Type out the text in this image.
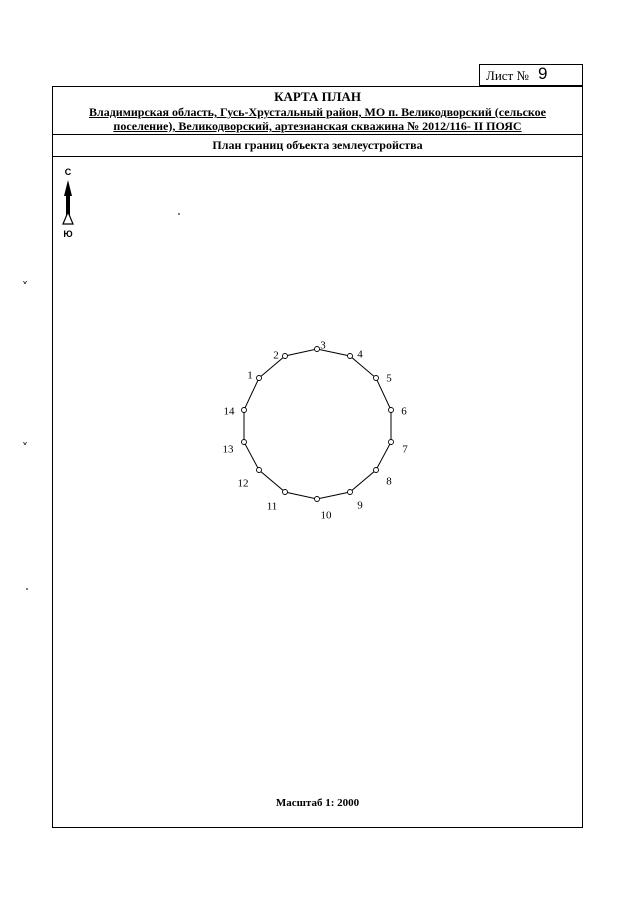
Лист № 9
КАРТА ПЛАН
Владимирская область, Гусь-Хрустальный район, МО п. Великодворский (сельское
поселение), Великодворский, артезианская скважина № 2012/116- II ПОЯС
План границ объекта землеустройства
Масштаб 1: 2000
С
Ю
1
2
3
4
5
6
7
8
9
10
11
12
13
14
˅
˅
